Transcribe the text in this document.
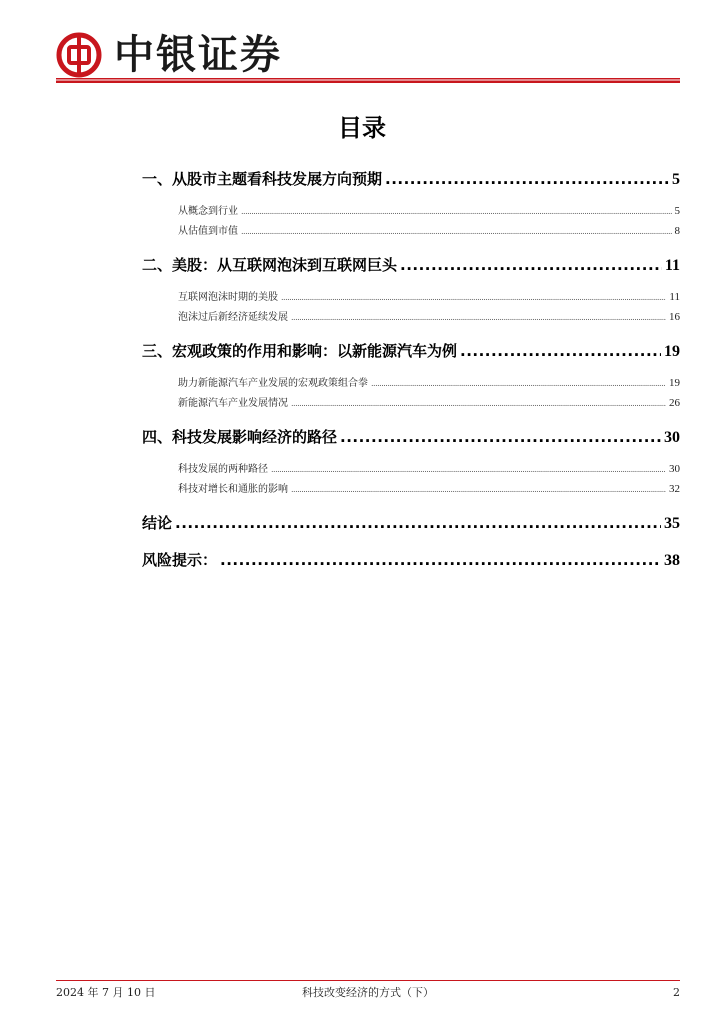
中银证券
目录
一、从股市主题看科技发展方向预期 .....	5
从概念到行业 .....	5
从估值到市值 .....	8
二、美股：从互联网泡沫到互联网巨头 .....	11
互联网泡沫时期的美股 .....	11
泡沫过后新经济延续发展 .....	16
三、宏观政策的作用和影响：以新能源汽车为例 .....	19
助力新能源汽车产业发展的宏观政策组合拳 .....	19
新能源汽车产业发展情况 .....	26
四、科技发展影响经济的路径 .....	30
科技发展的两种路径 .....	30
科技对增长和通胀的影响 .....	32
结论 .....	35
风险提示： .....	38
2024 年 7 月 10 日	科技改变经济的方式（下）	2
